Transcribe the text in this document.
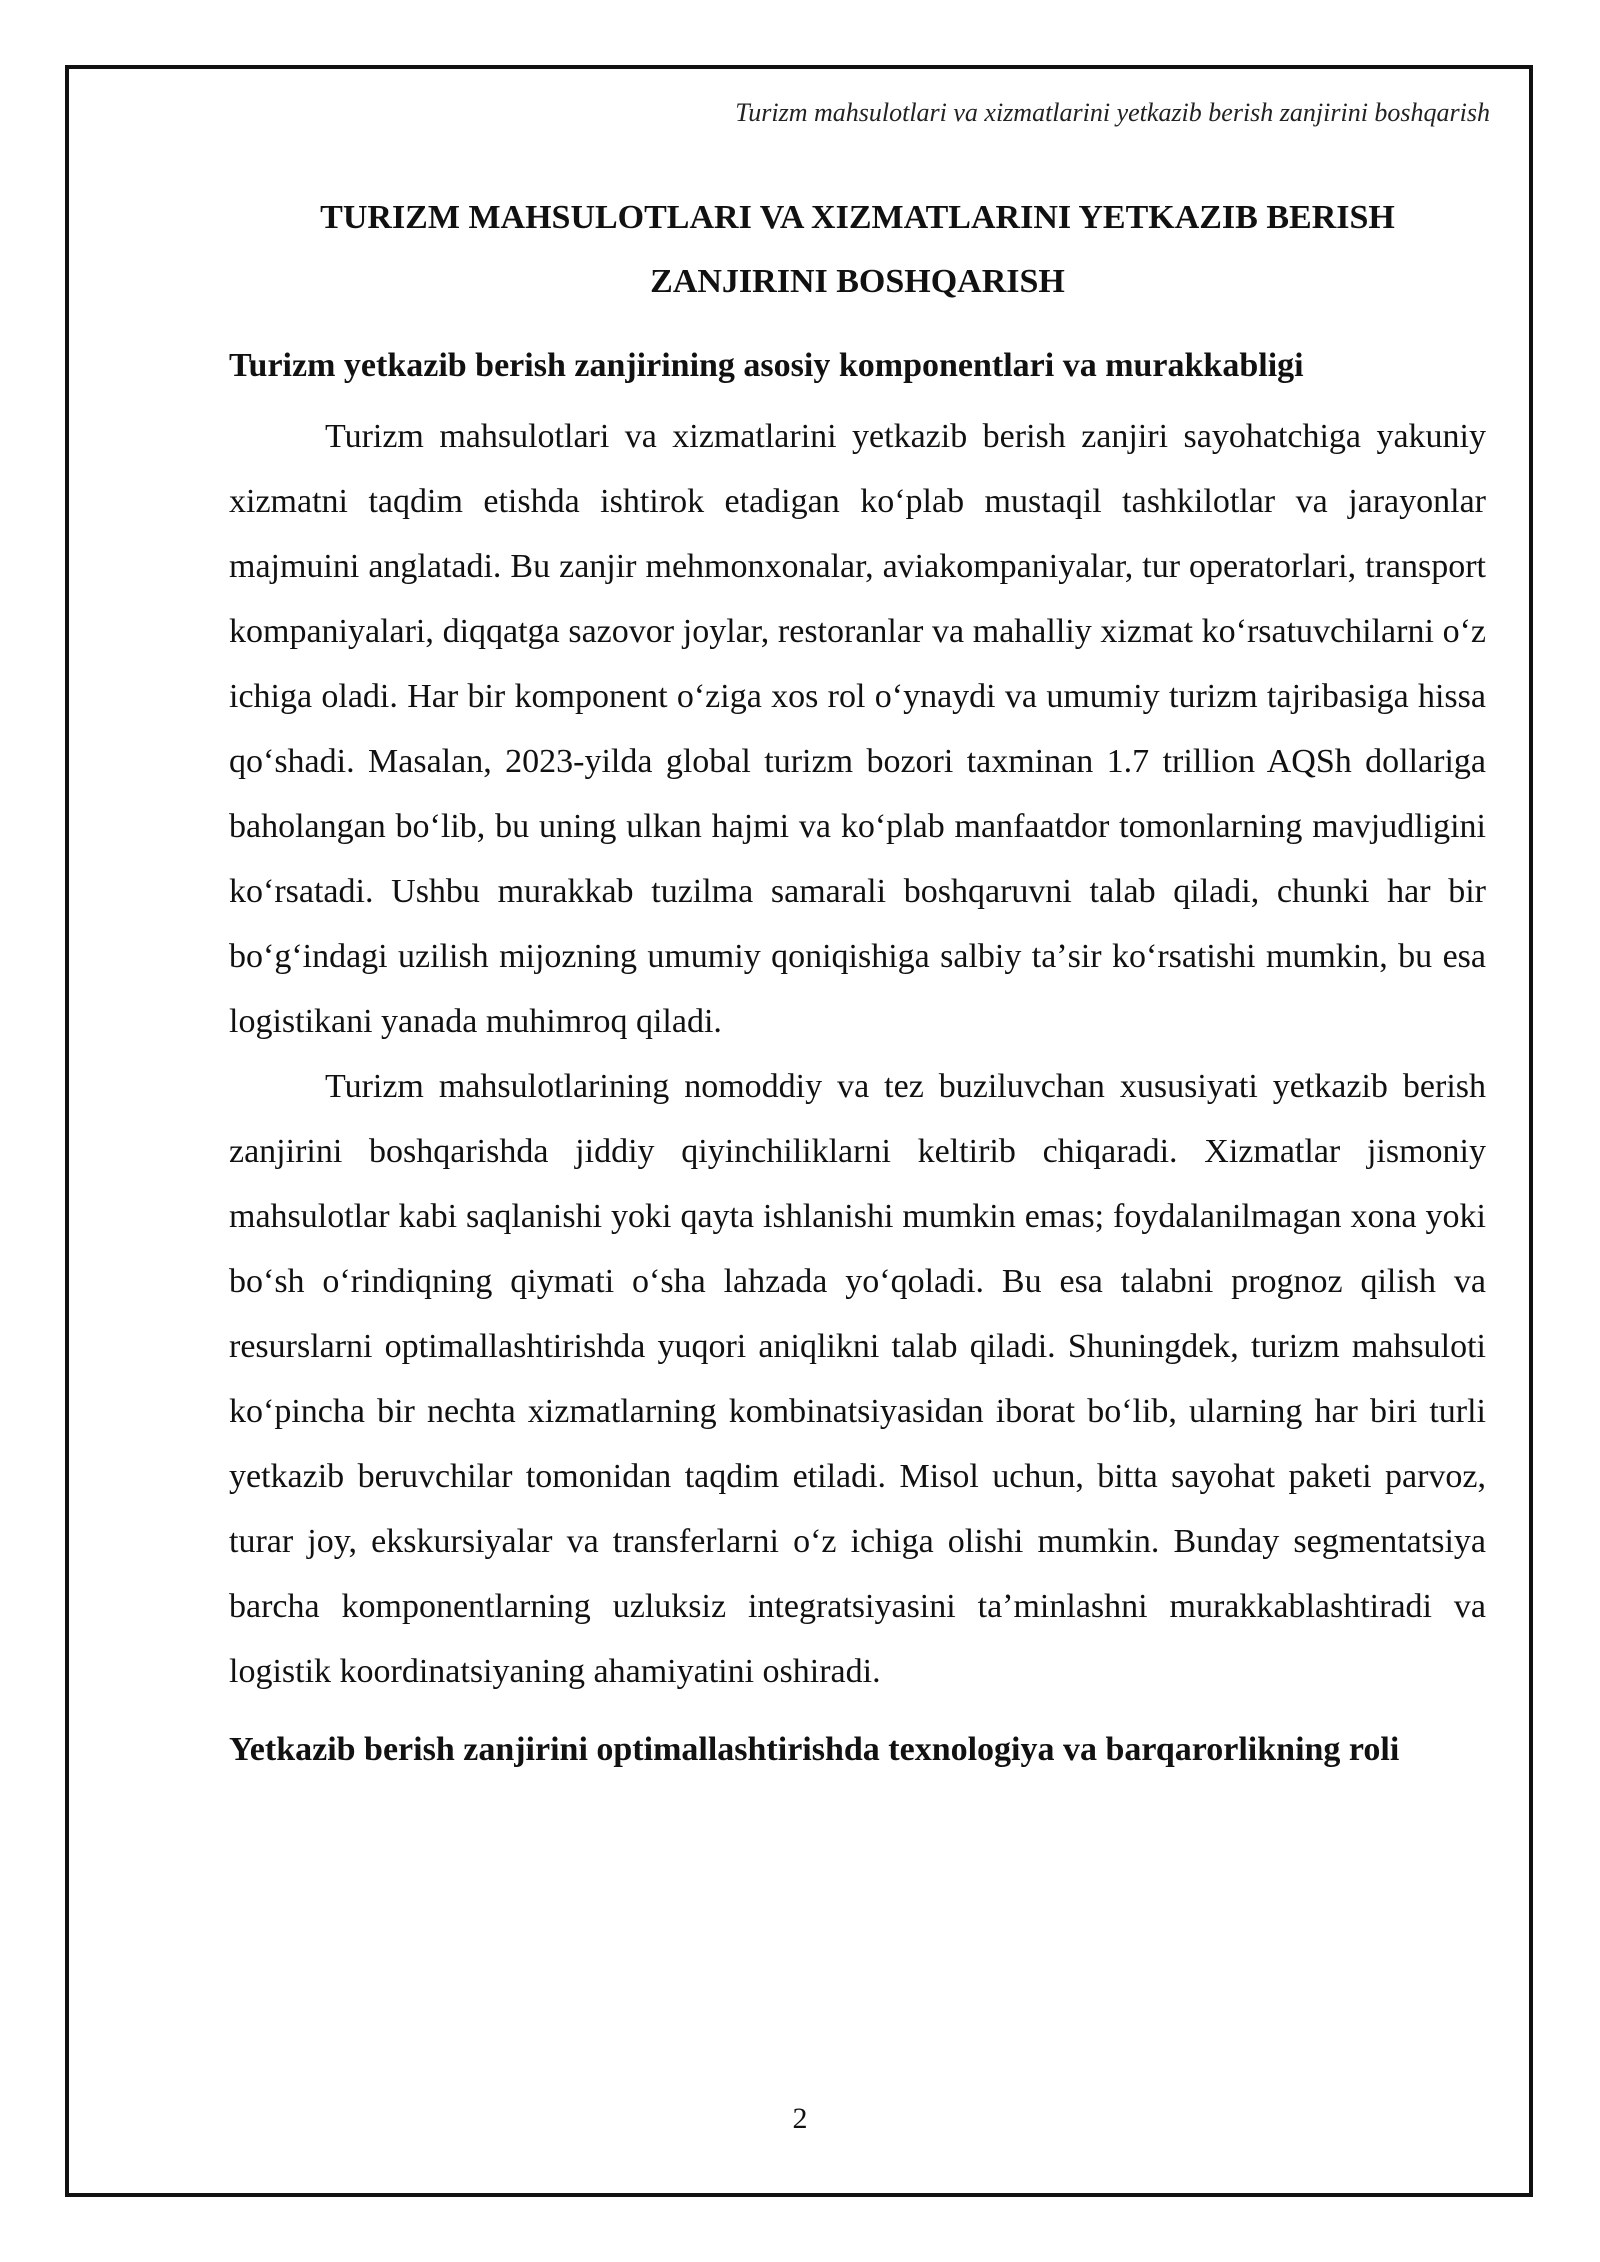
Turizm mahsulotlari va xizmatlarini yetkazib berish zanjirini boshqarish
TURIZM MAHSULOTLARI VA XIZMATLARINI YETKAZIB BERISH ZANJIRINI BOSHQARISH
Turizm yetkazib berish zanjirining asosiy komponentlari va murakkabligi

Turizm mahsulotlari va xizmatlarini yetkazib berish zanjiri sayohatchiga yakuniy xizmatni taqdim etishda ishtirok etadigan koʻplab mustaqil tashkilotlar va jarayonlar majmuini anglatadi. Bu zanjir mehmonxonalar, aviakompaniyalar, tur operatorlari, transport kompaniyalari, diqqatga sazovor joylar, restoranlar va mahalliy xizmat koʻrsatuvchilarni oʻz ichiga oladi. Har bir komponent oʻziga xos rol oʻynaydi va umumiy turizm tajribasiga hissa qoʻshadi. Masalan, 2023-yilda global turizm bozori taxminan 1.7 trillion AQSh dollariga baholangan boʻlib, bu uning ulkan hajmi va koʻplab manfaatdor tomonlarning mavjudligini koʻrsatadi. Ushbu murakkab tuzilma samarali boshqaruvni talab qiladi, chunki har bir boʻgʻindagi uzilish mijozning umumiy qoniqishiga salbiy taʼsir koʻrsatishi mumkin, bu esa logistikani yanada muhimroq qiladi.

Turizm mahsulotlarining nomoddiy va tez buziluvchan xususiyati yetkazib berish zanjirini boshqarishda jiddiy qiyinchiliklarni keltirib chiqaradi. Xizmatlar jismoniy mahsulotlar kabi saqlanishi yoki qayta ishlanishi mumkin emas; foydalanilmagan xona yoki boʻsh oʻrindiqning qiymati oʻsha lahzada yoʻqoladi. Bu esa talabni prognoz qilish va resurslarni optimallashtirishda yuqori aniqlikni talab qiladi. Shuningdek, turizm mahsuloti koʻpincha bir nechta xizmatlarning kombinatsiyasidan iborat boʻlib, ularning har biri turli yetkazib beruvchilar tomonidan taqdim etiladi. Misol uchun, bitta sayohat paketi parvoz, turar joy, ekskursiyalar va transferlarni oʻz ichiga olishi mumkin. Bunday segmentatsiya barcha komponentlarning uzluksiz integratsiyasini taʼminlashni murakkablashtiradi va logistik koordinatsiyaning ahamiyatini oshiradi.

Yetkazib berish zanjirini optimallashtirishda texnologiya va barqarorlikning roli
2
